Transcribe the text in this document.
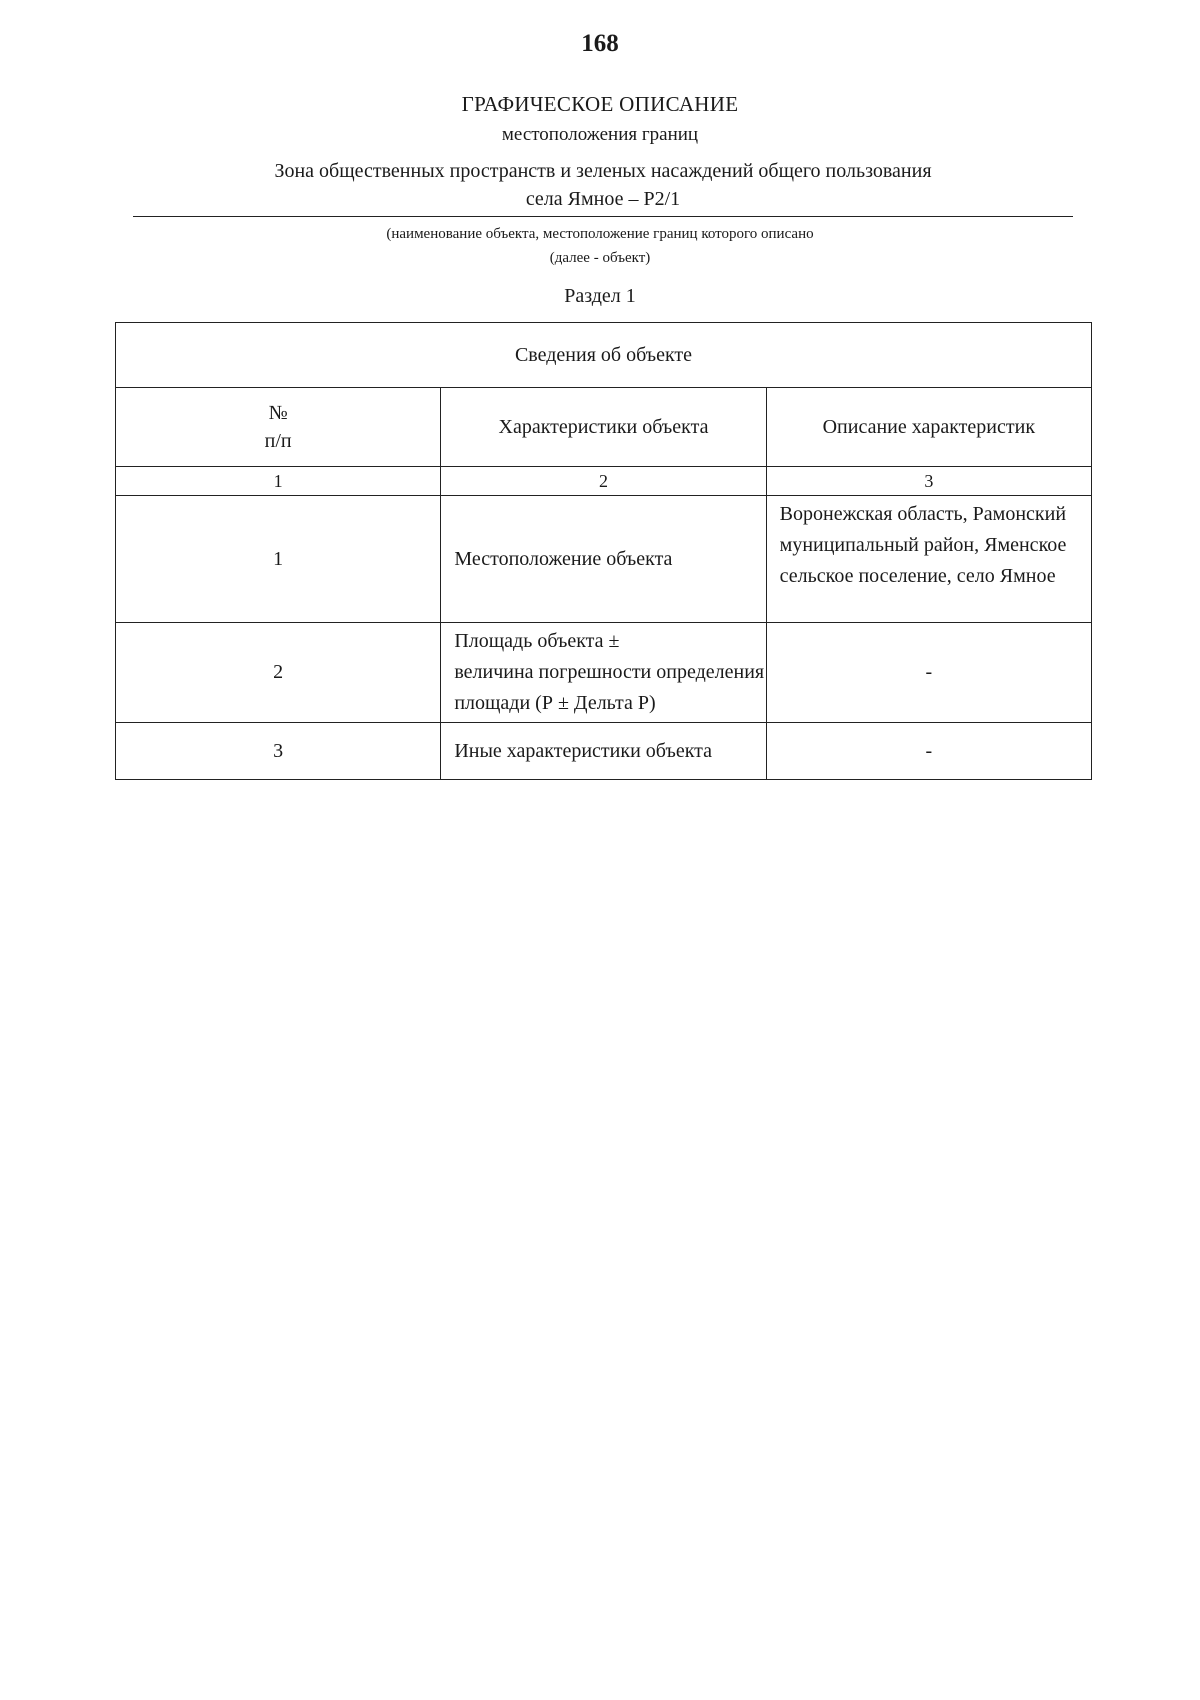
168
ГРАФИЧЕСКОЕ ОПИСАНИЕ
местоположения границ
Зона общественных пространств и зеленых насаждений общего пользования
села Ямное – Р2/1
(наименование объекта, местоположение границ которого описано
(далее - объект)
Раздел 1
Сведения об объекте		

№
п/п	Характеристики объекта	Описание характеристик
1	2	3
1	Местоположение объекта	Воронежская область, Рамонский
муниципальный район, Яменское
сельское поселение, село Ямное

2	Площадь объекта ±
величина погрешности определения
площади (Р ± Дельта Р)	-
3	Иные характеристики объекта	-
